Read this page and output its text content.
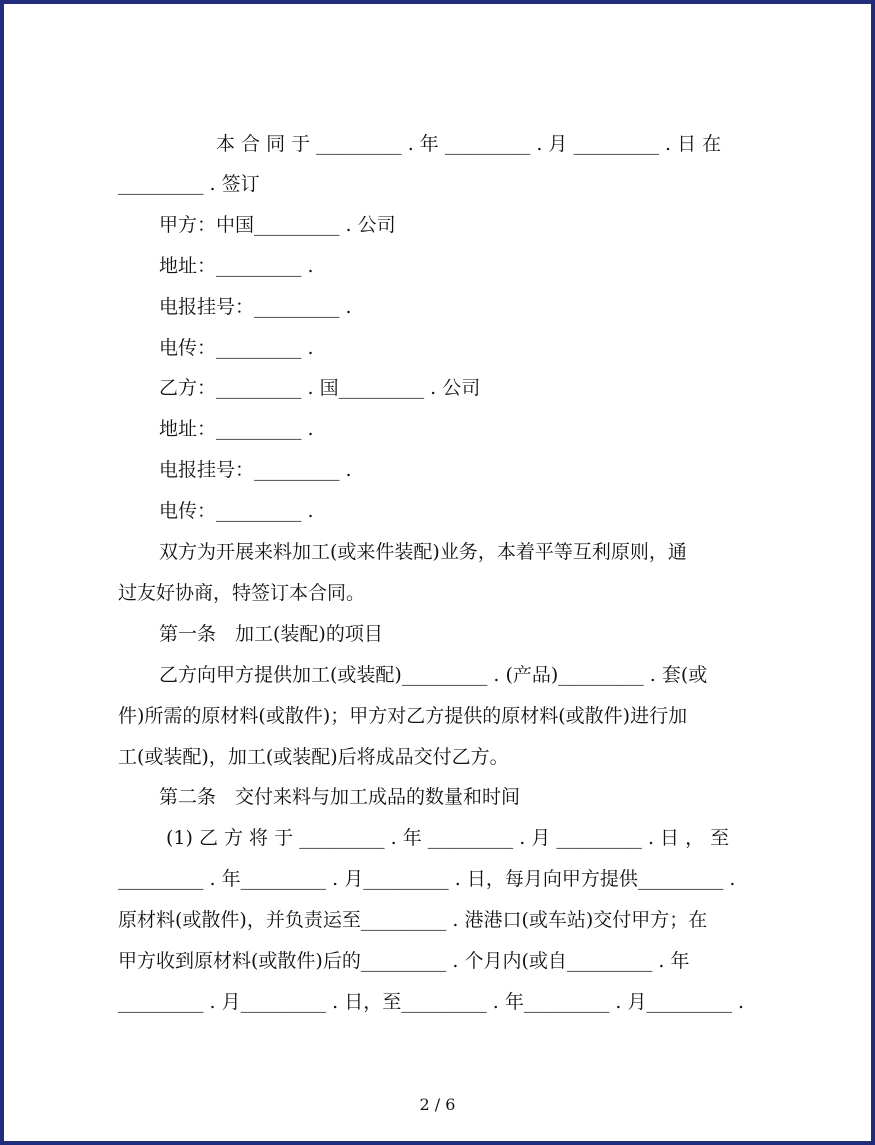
本 合 同 于 _________ . 年 _________ . 月 _________ . 日 在
_________ . 签订
甲方：中国_________ . 公司
地址：_________ .
电报挂号：_________ .
电传：_________ .
乙方：_________ . 国_________ . 公司
地址：_________ .
电报挂号：_________ .
电传：_________ .
双方为开展来料加工(或来件装配)业务，本着平等互利原则，通
过友好协商，特签订本合同。
第一条　加工(装配)的项目
乙方向甲方提供加工(或装配)_________ . (产品)_________ . 套(或
件)所需的原材料(或散件)；甲方对乙方提供的原材料(或散件)进行加
工(或装配)，加工(或装配)后将成品交付乙方。
第二条　交付来料与加工成品的数量和时间
(1) 乙 方 将 于 _________ . 年 _________ . 月 _________ . 日 ， 至
_________ . 年_________ . 月_________ . 日，每月向甲方提供_________ .
原材料(或散件)，并负责运至_________ . 港港口(或车站)交付甲方；在
甲方收到原材料(或散件)后的_________ . 个月内(或自_________ . 年
_________ . 月_________ . 日，至_________ . 年_________ . 月_________ .
2 / 6
